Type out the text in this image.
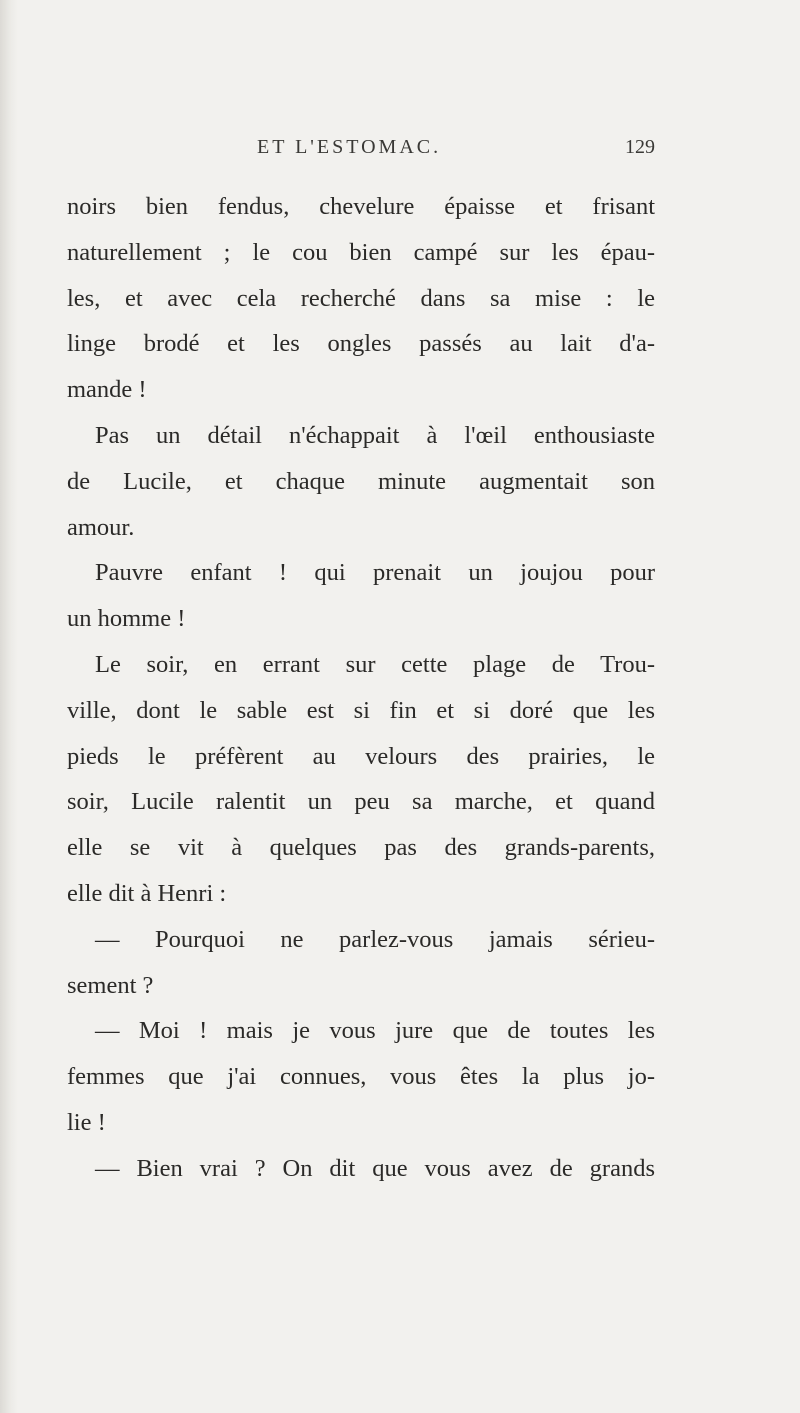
ET L'ESTOMAC.	129
noirs bien fendus, chevelure épaisse et frisant
naturellement ; le cou bien campé sur les épau-
les, et avec cela recherché dans sa mise : le
linge brodé et les ongles passés au lait d'a-
mande !
Pas un détail n'échappait à l'œil enthousiaste
de Lucile, et chaque minute augmentait son
amour.
Pauvre enfant ! qui prenait un joujou pour
un homme !
Le soir, en errant sur cette plage de Trou-
ville, dont le sable est si fin et si doré que les
pieds le préfèrent au velours des prairies, le
soir, Lucile ralentit un peu sa marche, et quand
elle se vit à quelques pas des grands-parents,
elle dit à Henri :
— Pourquoi ne parlez-vous jamais sérieu-
sement ?
— Moi ! mais je vous jure que de toutes les
femmes que j'ai connues, vous êtes la plus jo-
lie !
— Bien vrai ? On dit que vous avez de grands
